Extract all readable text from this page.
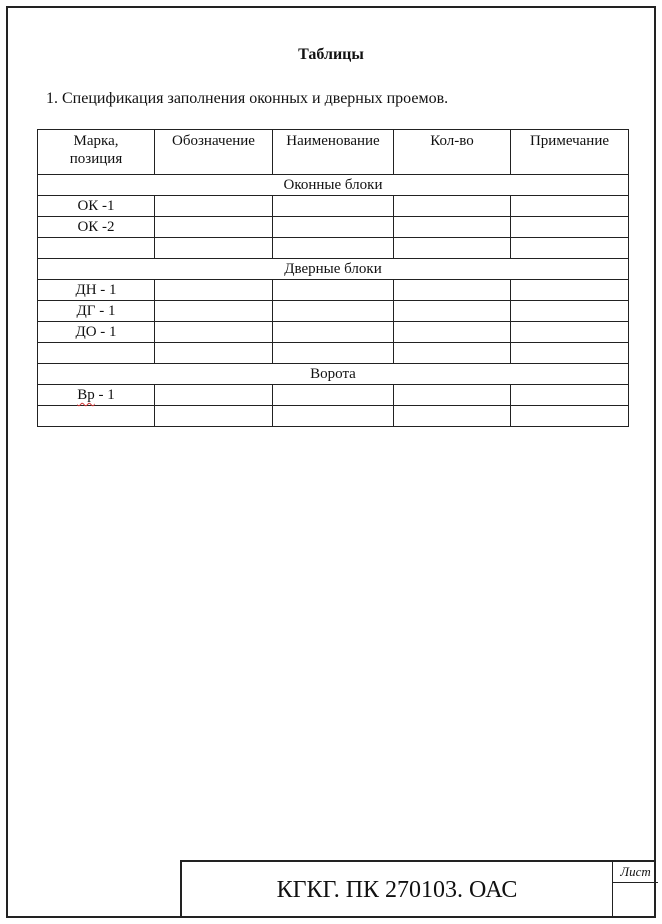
Таблицы
1. Спецификация заполнения оконных и дверных проемов.
Марка,
позиция	Обозначение	Наименование	Кол-во	Примечание
Оконные блоки				
ОК -1				
ОК -2				

Дверные блоки				
ДН - 1				
ДГ - 1				
ДО - 1				

Ворота				
Вр - 1				

КГКГ. ПК 270103. ОАС
Лист
